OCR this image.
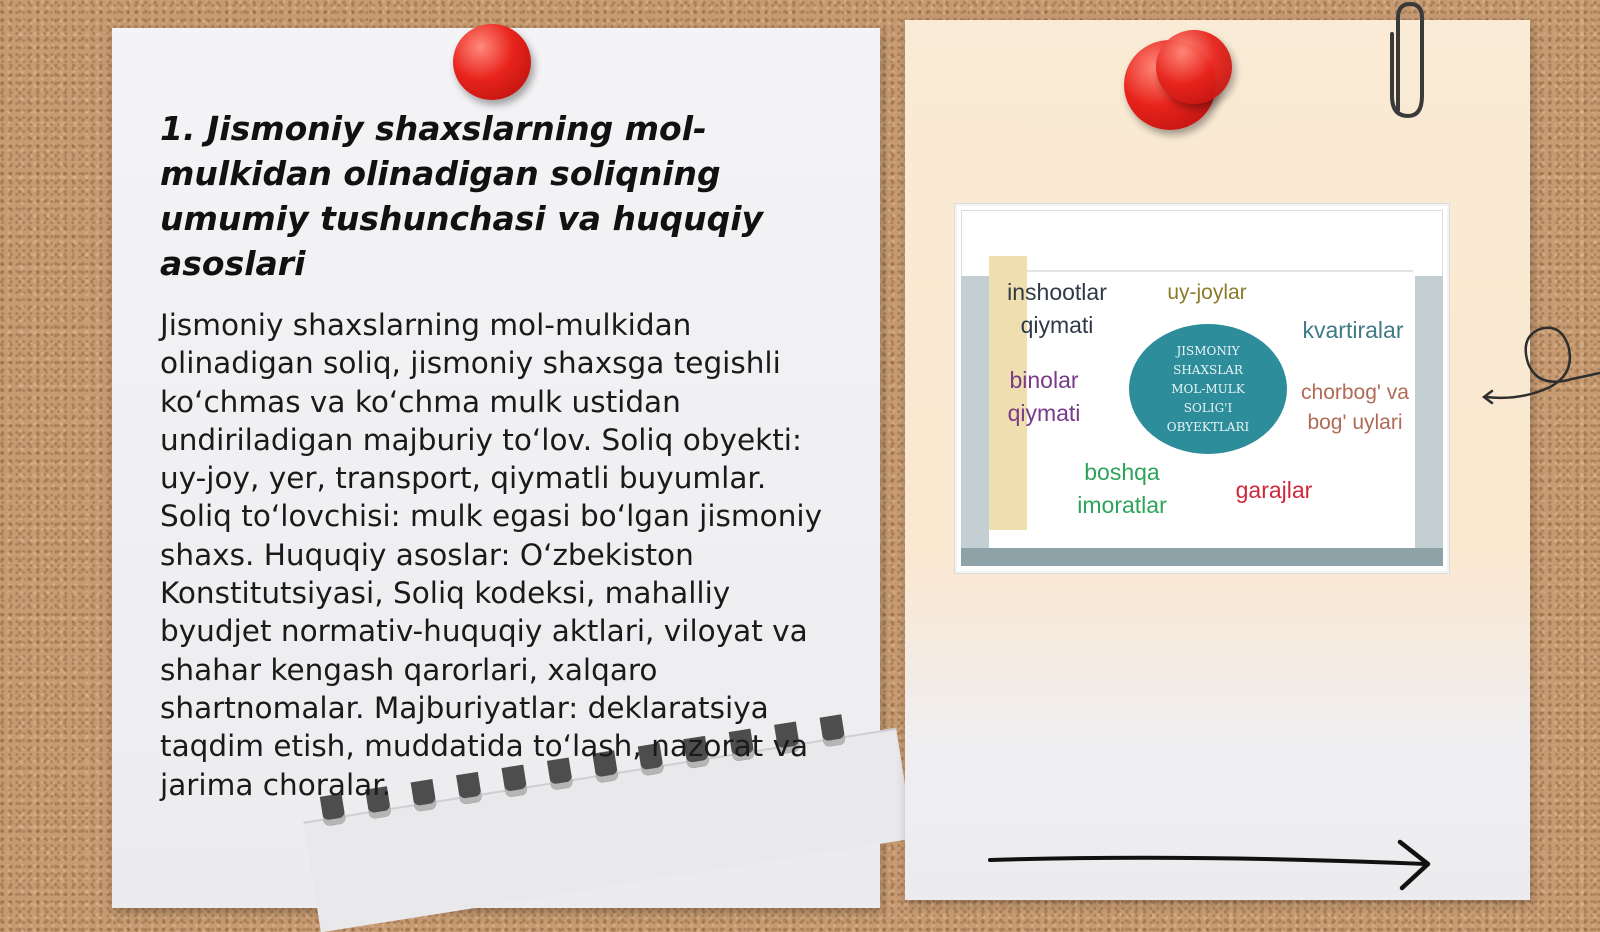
1. Jismoniy shaxslarning mol-mulkidan olinadigan soliqning umumiy tushunchasi va huquqiy asoslari

Jismoniy shaxslarning mol-mulkidan olinadigan soliq, jismoniy shaxsga tegishli koʻchmas va koʻchma mulk ustidan undiriladigan majburiy toʻlov. Soliq obyekti: uy-joy, yer, transport, qiymatli buyumlar. Soliq toʻlovchisi: mulk egasi boʻlgan jismoniy shaxs. Huquqiy asoslar: Oʻzbekiston Konstitutsiyasi, Soliq kodeksi, mahalliy byudjet normativ-huquqiy aktlari, viloyat va shahar kengash qarorlari, xalqaro shartnomalar. Majburiyatlar: deklaratsiya taqdim etish, muddatida toʻlash, nazorat va jarima choralar.

JISMONIY
SHAXSLAR
MOL-MULK
SOLIG'I
OBYEKTLARI
inshootlar
qiymati
uy-joylar
kvartiralar
binolar
qiymati
chorbog' va
bog' uylari
boshqa
imoratlar
garajlar
